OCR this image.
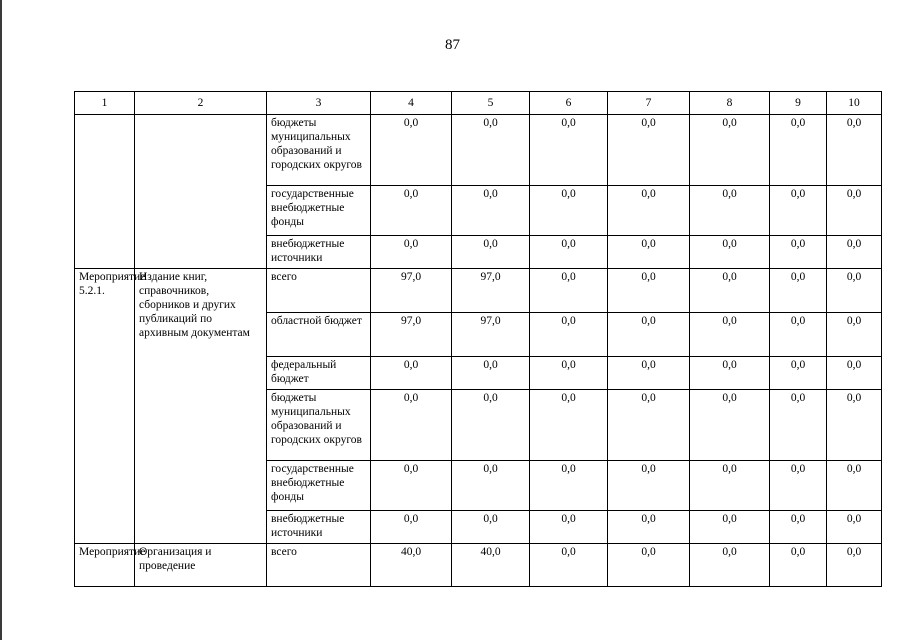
87
1	2	3	4	5	6	7	8	9	10
		бюджеты муниципальных образований и городских округов	0,0	0,0	0,0	0,0	0,0	0,0	0,0
		государственные внебюджетные фонды	0,0	0,0	0,0	0,0	0,0	0,0	0,0
		внебюджетные источники	0,0	0,0	0,0	0,0	0,0	0,0	0,0
Мероприятие 5.2.1.	Издание книг, справочников, сборников и других публикаций по архивным документам	всего	97,0	97,0	0,0	0,0	0,0	0,0	0,0
		областной бюджет	97,0	97,0	0,0	0,0	0,0	0,0	0,0
		федеральный бюджет	0,0	0,0	0,0	0,0	0,0	0,0	0,0
		бюджеты муниципальных образований и городских округов	0,0	0,0	0,0	0,0	0,0	0,0	0,0
		государственные внебюджетные фонды	0,0	0,0	0,0	0,0	0,0	0,0	0,0
		внебюджетные источники	0,0	0,0	0,0	0,0	0,0	0,0	0,0
Мероприятие	Организация и проведение	всего	40,0	40,0	0,0	0,0	0,0	0,0	0,0
